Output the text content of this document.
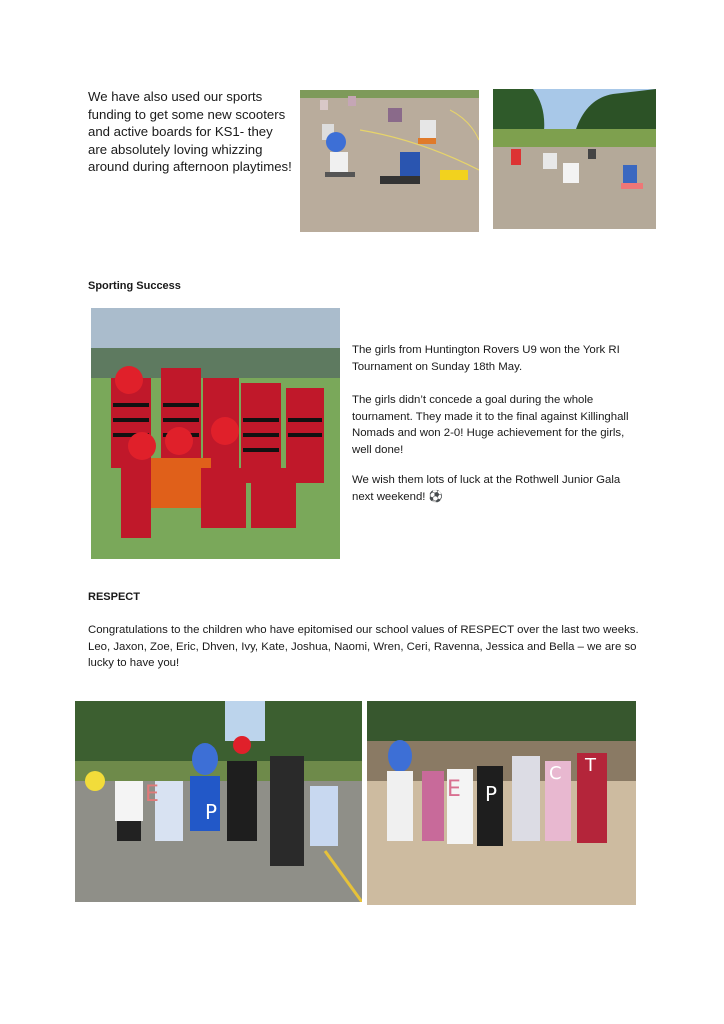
We have also used our sports funding to get some new scooters and active boards for KS1- they are absolutely loving whizzing around during afternoon playtimes!
Sporting Success
The girls from Huntington Rovers U9 won the York RI Tournament on Sunday 18th May.
The girls didn’t concede a goal during the whole tournament. They made it to the final against Killinghall Nomads and won 2-0! Huge achievement for the girls, well done!
We wish them lots of luck at the Rothwell Junior Gala next weekend! ⚽
RESPECT
Congratulations to the children who have epitomised our school values of RESPECT over the last two weeks. Leo, Jaxon, Zoe, Eric, Dhven, Ivy, Kate, Joshua, Naomi, Wren, Ceri, Ravenna, Jessica and Bella – we are so lucky to have you!
E
P
E P
C T
